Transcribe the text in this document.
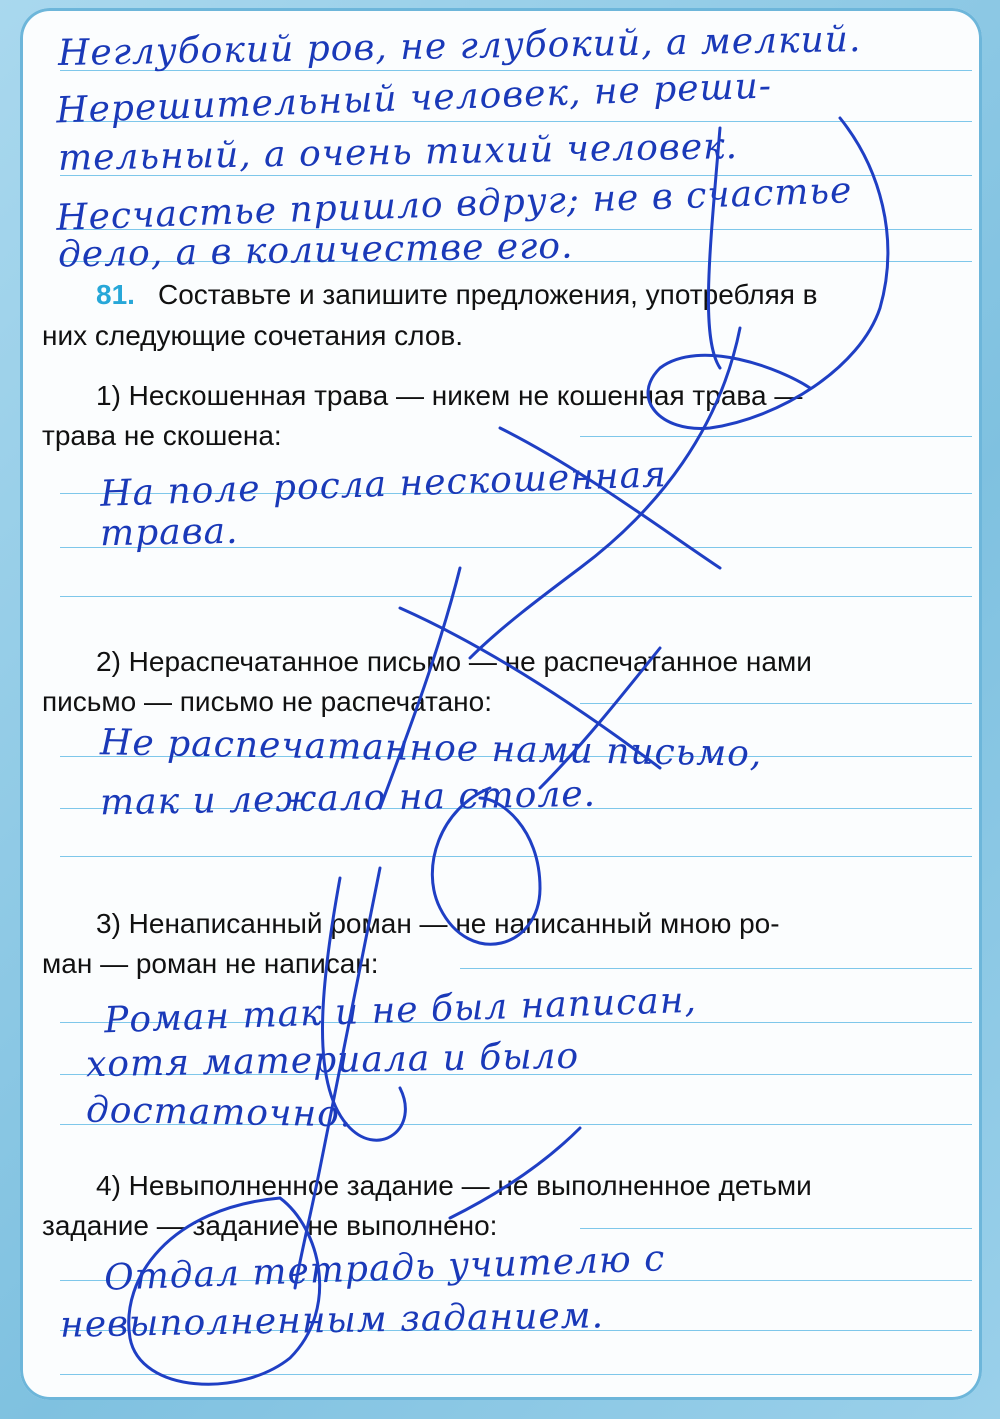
Неглубокий ров, не глубокий, а мелкий.
Нерешительный человек, не реши-
тельный, а очень тихий человек.
Несчастье пришло вдруг; не в счастье
дело, а в количестве его.
81. Составьте и запишите предложения, употребляя в
них следующие сочетания слов.
1) Нескошенная трава — никем не кошенная трава —
трава не скошена:
На поле росла нескошенная
трава.
2) Нераспечатанное письмо — не распечатанное нами
письмо — письмо не распечатано:
Не распечатанное нами письмо,
так и лежало на столе.
3) Ненаписанный роман — не написанный мною ро-
ман — роман не написан:
Роман так и не был написан,
хотя материала и было
достаточно.
4) Невыполненное задание — не выполненное детьми
задание — задание не выполнено:
Отдал тетрадь учителю с
невыполненным заданием.
